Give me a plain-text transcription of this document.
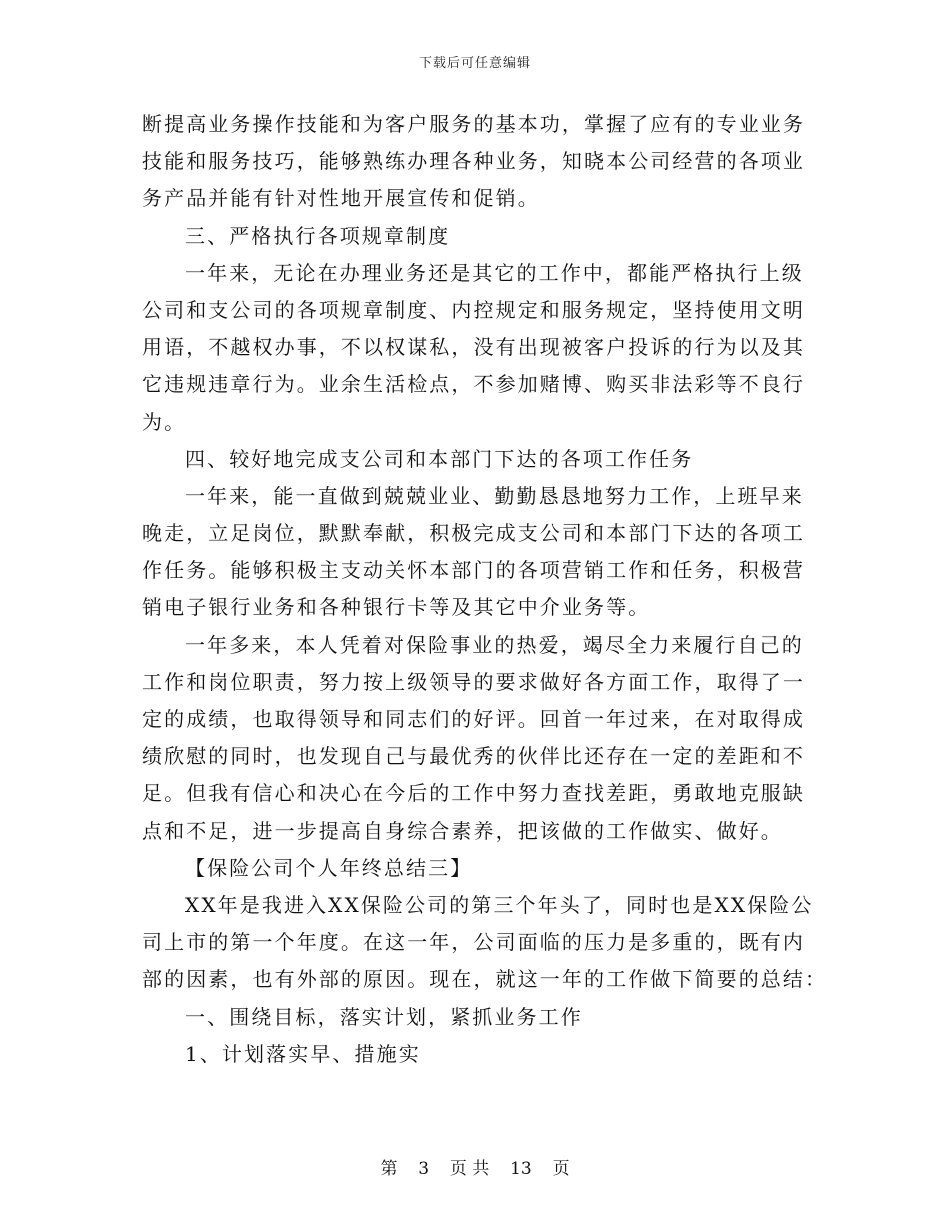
下载后可任意编辑
断提高业务操作技能和为客户服务的基本功，掌握了应有的专业业务
技能和服务技巧，能够熟练办理各种业务，知晓本公司经营的各项业
务产品并能有针对性地开展宣传和促销。
三、严格执行各项规章制度
一年来，无论在办理业务还是其它的工作中，都能严格执行上级
公司和支公司的各项规章制度、内控规定和服务规定，坚持使用文明
用语，不越权办事，不以权谋私，没有出现被客户投诉的行为以及其
它违规违章行为。业余生活检点，不参加赌博、购买非法彩等不良行
为。
四、较好地完成支公司和本部门下达的各项工作任务
一年来，能一直做到兢兢业业、勤勤恳恳地努力工作，上班早来
晚走，立足岗位，默默奉献，积极完成支公司和本部门下达的各项工
作任务。能够积极主支动关怀本部门的各项营销工作和任务，积极营
销电子银行业务和各种银行卡等及其它中介业务等。
一年多来，本人凭着对保险事业的热爱，竭尽全力来履行自己的
工作和岗位职责，努力按上级领导的要求做好各方面工作，取得了一
定的成绩，也取得领导和同志们的好评。回首一年过来，在对取得成
绩欣慰的同时，也发现自己与最优秀的伙伴比还存在一定的差距和不
足。但我有信心和决心在今后的工作中努力查找差距，勇敢地克服缺
点和不足，进一步提高自身综合素养，把该做的工作做实、做好。
【保险公司个人年终总结三】
XX年是我进入XX保险公司的第三个年头了，同时也是XX保险公
司上市的第一个年度。在这一年，公司面临的压力是多重的，既有内
部的因素，也有外部的原因。现在，就这一年的工作做下简要的总结：
一、围绕目标，落实计划，紧抓业务工作
1、计划落实早、措施实
第 3 页 共 13 页
